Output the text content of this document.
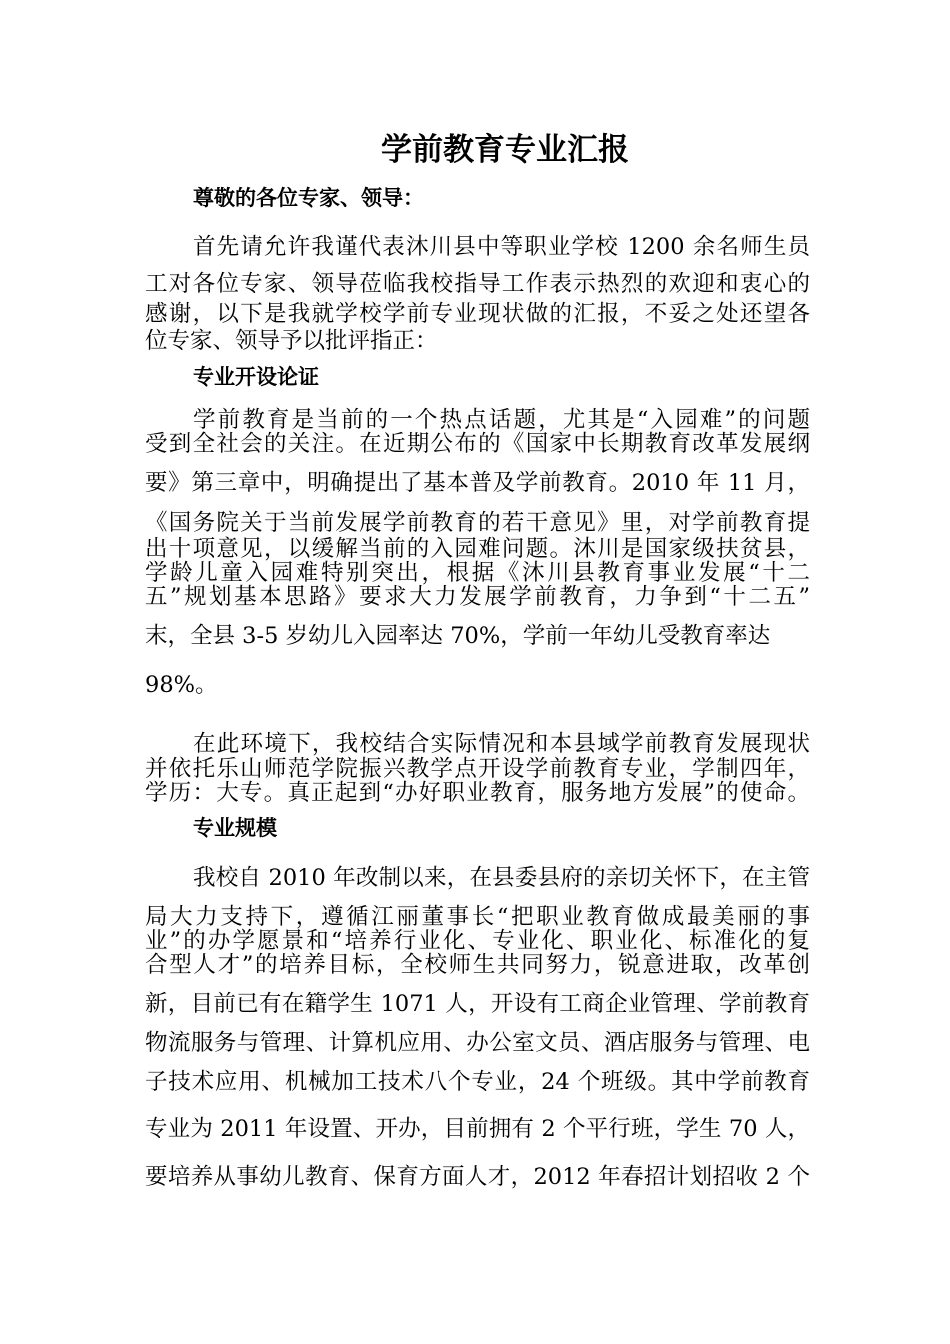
学前教育专业汇报

尊敬的各位专家、领导：

首先请允许我谨代表沐川县中等职业学校 1200 余名师生员

工对各位专家、领导莅临我校指导工作表示热烈的欢迎和衷心的

感谢，以下是我就学校学前专业现状做的汇报，不妥之处还望各

位专家、领导予以批评指正：

专业开设论证

学前教育是当前的一个热点话题，尤其是“入园难”的问题

受到全社会的关注。在近期公布的《国家中长期教育改革发展纲

要》第三章中，明确提出了基本普及学前教育。2010 年 11 月，

《国务院关于当前发展学前教育的若干意见》里，对学前教育提

出十项意见，以缓解当前的入园难问题。沐川是国家级扶贫县，

学龄儿童入园难特别突出，根据《沐川县教育事业发展“十二

五”规划基本思路》要求大力发展学前教育，力争到“十二五”

末，全县 3-5 岁幼儿入园率达 70%，学前一年幼儿受教育率达

98%。

在此环境下，我校结合实际情况和本县域学前教育发展现状

并依托乐山师范学院振兴教学点开设学前教育专业，学制四年，

学历：大专。真正起到“办好职业教育，服务地方发展”的使命。

专业规模

我校自 2010 年改制以来，在县委县府的亲切关怀下，在主管

局大力支持下，遵循江丽董事长“把职业教育做成最美丽的事

业”的办学愿景和“培养行业化、专业化、职业化、标准化的复

合型人才”的培养目标，全校师生共同努力，锐意进取，改革创

新，目前已有在籍学生 1071 人，开设有工商企业管理、学前教育

物流服务与管理、计算机应用、办公室文员、酒店服务与管理、电

子技术应用、机械加工技术八个专业，24 个班级。其中学前教育

专业为 2011 年设置、开办，目前拥有 2 个平行班，学生 70 人，

要培养从事幼儿教育、保育方面人才，2012 年春招计划招收 2 个
